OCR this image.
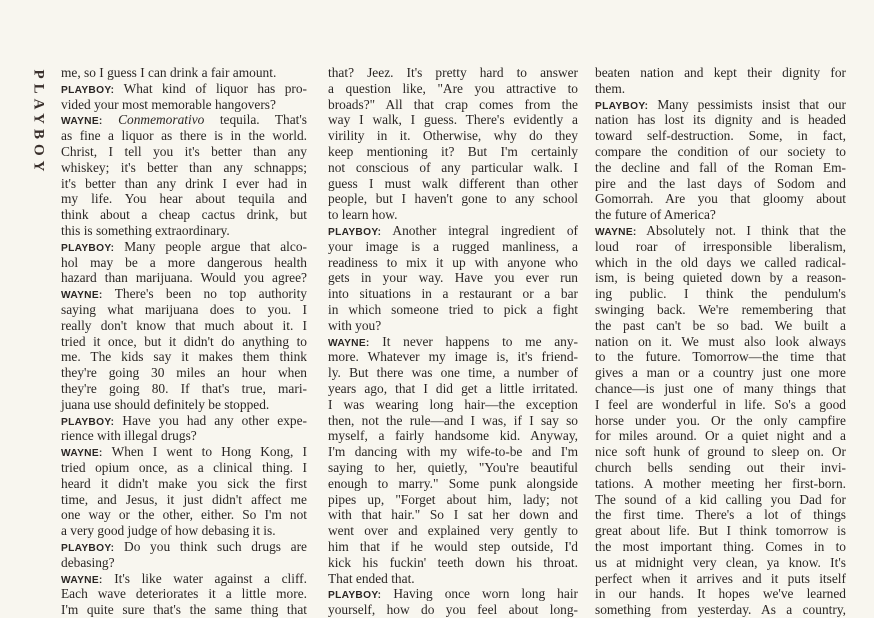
PLAYBOY me, so I guess I can drink a fair amount.
PLAYBOY: What kind of liquor has pro-
vided your most memorable hangovers?
WAYNE: Conmemorativo tequila. That's
as fine a liquor as there is in the world.
Christ, I tell you it's better than any
whiskey; it's better than any schnapps;
it's better than any drink I ever had in
my life. You hear about tequila and
think about a cheap cactus drink, but
this is something extraordinary.
PLAYBOY: Many people argue that alco-
hol may be a more dangerous health
hazard than marijuana. Would you agree?
WAYNE: There's been no top authority
saying what marijuana does to you. I
really don't know that much about it. I
tried it once, but it didn't do anything to
me. The kids say it makes them think
they're going 30 miles an hour when
they're going 80. If that's true, mari-
juana use should definitely be stopped.
PLAYBOY: Have you had any other expe-
rience with illegal drugs?
WAYNE: When I went to Hong Kong, I
tried opium once, as a clinical thing. I
heard it didn't make you sick the first
time, and Jesus, it just didn't affect me
one way or the other, either. So I'm not
a very good judge of how debasing it is.
PLAYBOY: Do you think such drugs are
debasing?
WAYNE: It's like water against a cliff.
Each wave deteriorates it a little more.
I'm quite sure that's the same thing that
that? Jeez. It's pretty hard to answer
a question like, "Are you attractive to
broads?" All that crap comes from the
way I walk, I guess. There's evidently a
virility in it. Otherwise, why do they
keep mentioning it? But I'm certainly
not conscious of any particular walk. I
guess I must walk different than other
people, but I haven't gone to any school
to learn how.
PLAYBOY: Another integral ingredient of
your image is a rugged manliness, a
readiness to mix it up with anyone who
gets in your way. Have you ever run
into situations in a restaurant or a bar
in which someone tried to pick a fight
with you?
WAYNE: It never happens to me any-
more. Whatever my image is, it's friend-
ly. But there was one time, a number of
years ago, that I did get a little irritated.
I was wearing long hair—the exception
then, not the rule—and I was, if I say so
myself, a fairly handsome kid. Anyway,
I'm dancing with my wife-to-be and I'm
saying to her, quietly, "You're beautiful
enough to marry." Some punk alongside
pipes up, "Forget about him, lady; not
with that hair." So I sat her down and
went over and explained very gently to
him that if he would step outside, I'd
kick his fuckin' teeth down his throat.
That ended that.
PLAYBOY: Having once worn long hair
yourself, how do you feel about long-
beaten nation and kept their dignity for
them.
PLAYBOY: Many pessimists insist that our
nation has lost its dignity and is headed
toward self-destruction. Some, in fact,
compare the condition of our society to
the decline and fall of the Roman Em-
pire and the last days of Sodom and
Gomorrah. Are you that gloomy about
the future of America?
WAYNE: Absolutely not. I think that the
loud roar of irresponsible liberalism,
which in the old days we called radical-
ism, is being quieted down by a reason-
ing public. I think the pendulum's
swinging back. We're remembering that
the past can't be so bad. We built a
nation on it. We must also look always
to the future. Tomorrow—the time that
gives a man or a country just one more
chance—is just one of many things that
I feel are wonderful in life. So's a good
horse under you. Or the only campfire
for miles around. Or a quiet night and a
nice soft hunk of ground to sleep on. Or
church bells sending out their invi-
tations. A mother meeting her first-born.
The sound of a kid calling you Dad for
the first time. There's a lot of things
great about life. But I think tomorrow is
the most important thing. Comes in to
us at midnight very clean, ya know. It's
perfect when it arrives and it puts itself
in our hands. It hopes we've learned
something from yesterday. As a country,
